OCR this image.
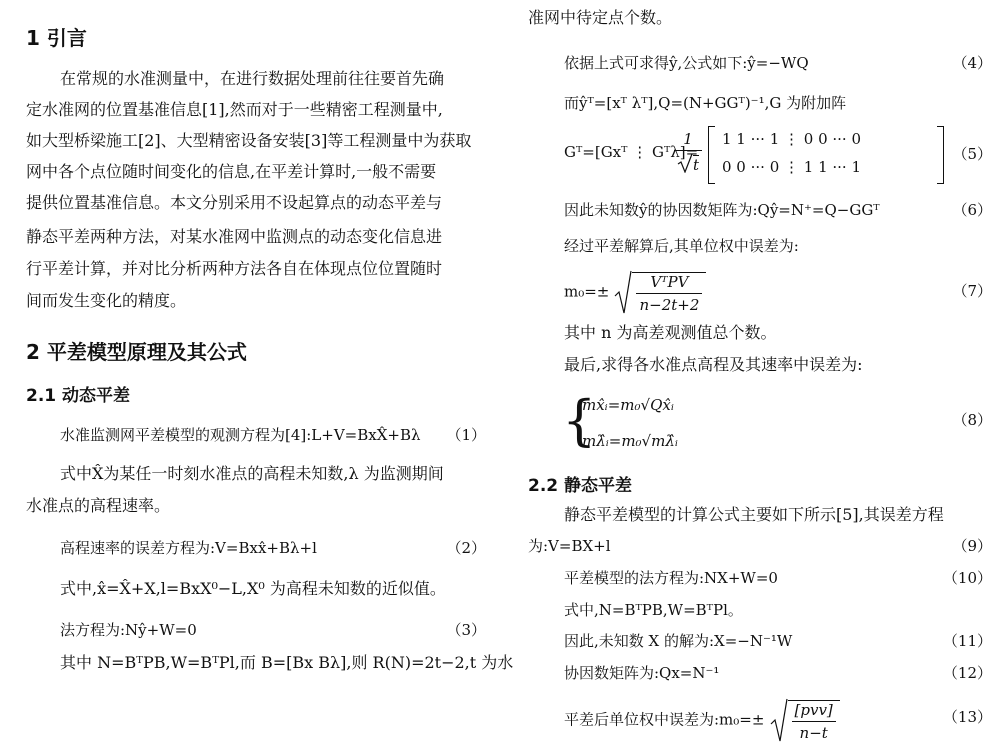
1 引言
在常规的水准测量中，在进行数据处理前往往要首先确
定水准网的位置基准信息[1],然而对于一些精密工程测量中,
如大型桥梁施工[2]、大型精密设备安装[3]等工程测量中为获取
网中各个点位随时间变化的信息,在平差计算时,一般不需要
提供位置基准信息。本文分别采用不设起算点的动态平差与
静态平差两种方法，对某水准网中监测点的动态变化信息进
行平差计算，并对比分析两种方法各自在体现点位位置随时
间而发生变化的精度。
2 平差模型原理及其公式
2.1 动态平差
水准监测网平差模型的观测方程为[4]:L+V=BxX̂+Bλ （1）
式中X̂为某任一时刻水准点的高程未知数,λ 为监测期间
水准点的高程速率。
高程速率的误差方程为:V=Bxx̂+Bλ+l	（2）
式中,x̂=X̂+X,l=BxX⁰−L,X⁰ 为高程未知数的近似值。
法方程为:Nŷ+W=0	（3）
其中 N=BᵀPB,W=BᵀPl,而 B=[Bx Bλ],则 R(N)=2t−2,t 为水
准网中待定点个数。
依据上式可求得ŷ,公式如下:ŷ=−WQ	（4）
而ŷᵀ=[xᵀ λᵀ],Q=(N+GGᵀ)⁻¹,G 为附加阵
Gᵀ=[Gxᵀ ⋮ Gᵀλ]=
$\frac{1}{t} 1$ 1 ··· 1 ⋮ 0 0 ··· 0
0 0 ··· 0 ⋮ 1 1 ··· 1
（5）
因此未知数ŷ的协因数矩阵为:Qŷ=N⁺=Q−GGᵀ	（6）
经过平差解算后,其单位权中误差为:
$m_0=\pm \frac{\text{VᵀPV}}{n-2t+2}$	（7）
其中 n 为高差观测值总个数。
最后,求得各水准点高程及其速率中误差为:
{
mx̂ᵢ=m₀√Qx̂ᵢ
mλ̂ᵢ=m₀√mλ̂ᵢ
（8）
2.2 静态平差
静态平差模型的计算公式主要如下所示[5],其误差方程
为:V=BX+l	（9）
平差模型的法方程为:NX+W=0	（10）
式中,N=BᵀPB,W=BᵀPl。
因此,未知数 X 的解为:X=−N⁻¹W	（11）
协因数矩阵为:Qx=N⁻¹	（12）
平差后单位权中误差为:m₀=± $\frac{\text{[pvv]}}{n-t}$	（13）
